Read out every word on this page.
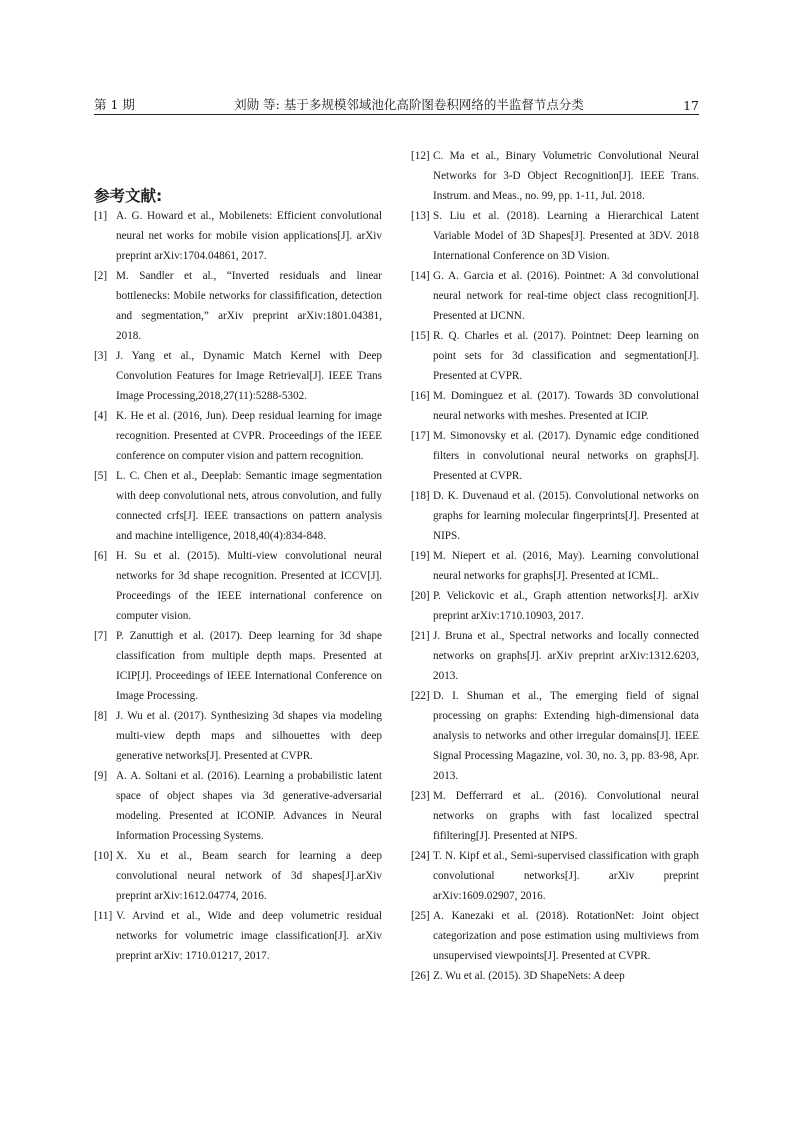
第 1 期	刘勋 等: 基于多规模邻域池化高阶图卷积网络的半监督节点分类	17
参考文献:
[1] A. G. Howard et al., Mobilenets: Efficient convolutional neural net works for mobile vision applications[J]. arXiv preprint arXiv:1704.04861, 2017.
[2] M. Sandler et al., “Inverted residuals and linear bottlenecks: Mobile networks for classiﬁfication, detection and segmentation,” arXiv preprint arXiv:1801.04381, 2018.
[3] J. Yang et al., Dynamic Match Kernel with Deep Convolution Features for Image Retrieval[J]. IEEE Trans Image Processing,2018,27(11):5288-5302.
[4] K. He et al. (2016, Jun). Deep residual learning for image recognition. Presented at CVPR. Proceedings of the IEEE conference on computer vision and pattern recognition.
[5] L. C. Chen et al., Deeplab: Semantic image segmentation with deep convolutional nets, atrous convolution, and fully connected crfs[J]. IEEE transactions on pattern analysis and machine intelligence, 2018,40(4):834-848.
[6] H. Su et al. (2015). Multi-view convolutional neural networks for 3d shape recognition. Presented at ICCV[J]. Proceedings of the IEEE international conference on computer vision.
[7] P. Zanuttigh et al. (2017). Deep learning for 3d shape classification from multiple depth maps. Presented at ICIP[J]. Proceedings of IEEE International Conference on Image Processing.
[8] J. Wu et al. (2017). Synthesizing 3d shapes via modeling multi-view depth maps and silhouettes with deep generative networks[J]. Presented at CVPR.
[9] A. A. Soltani et al. (2016). Learning a probabilistic latent space of object shapes via 3d generative-adversarial modeling. Presented at ICONIP. Advances in Neural Information Processing Systems.
[10] X. Xu et al., Beam search for learning a deep convolutional neural network of 3d shapes[J].arXiv preprint arXiv:1612.04774, 2016.
[11] V. Arvind et al., Wide and deep volumetric residual networks for volumetric image classification[J]. arXiv preprint arXiv: 1710.01217, 2017.
[12] C. Ma et al., Binary Volumetric Convolutional Neural Networks for 3-D Object Recognition[J]. IEEE Trans. Instrum. and Meas., no. 99, pp. 1-11, Jul. 2018.
[13] S. Liu et al. (2018). Learning a Hierarchical Latent Variable Model of 3D Shapes[J]. Presented at 3DV. 2018 International Conference on 3D Vision.
[14] G. A. Garcia et al. (2016). Pointnet: A 3d convolutional neural network for real-time object class recognition[J]. Presented at IJCNN.
[15] R. Q. Charles et al. (2017). Pointnet: Deep learning on point sets for 3d classification and segmentation[J]. Presented at CVPR.
[16] M. Dominguez et al. (2017). Towards 3D convolutional neural networks with meshes. Presented at ICIP.
[17] M. Simonovsky et al. (2017). Dynamic edge conditioned filters in convolutional neural networks on graphs[J]. Presented at CVPR.
[18] D. K. Duvenaud et al. (2015). Convolutional networks on graphs for learning molecular fingerprints[J]. Presented at NIPS.
[19] M. Niepert et al. (2016, May). Learning convolutional neural networks for graphs[J]. Presented at ICML.
[20] P. Velickovic et al., Graph attention networks[J]. arXiv preprint arXiv:1710.10903, 2017.
[21] J. Bruna et al., Spectral networks and locally connected networks on graphs[J]. arXiv preprint arXiv:1312.6203, 2013.
[22] D. I. Shuman et al., The emerging field of signal processing on graphs: Extending high-dimensional data analysis to networks and other irregular domains[J]. IEEE Signal Processing Magazine, vol. 30, no. 3, pp. 83-98, Apr. 2013.
[23] M. Defferrard et al.. (2016). Convolutional neural networks on graphs with fast localized spectral fifiltering[J]. Presented at NIPS.
[24] T. N. Kipf et al., Semi-supervised classification with graph convolutional networks[J]. arXiv preprint arXiv:1609.02907, 2016.
[25] A. Kanezaki et al. (2018). RotationNet: Joint object categorization and pose estimation using multiviews from unsupervised viewpoints[J]. Presented at CVPR.
[26] Z. Wu et al. (2015). 3D ShapeNets: A deep
